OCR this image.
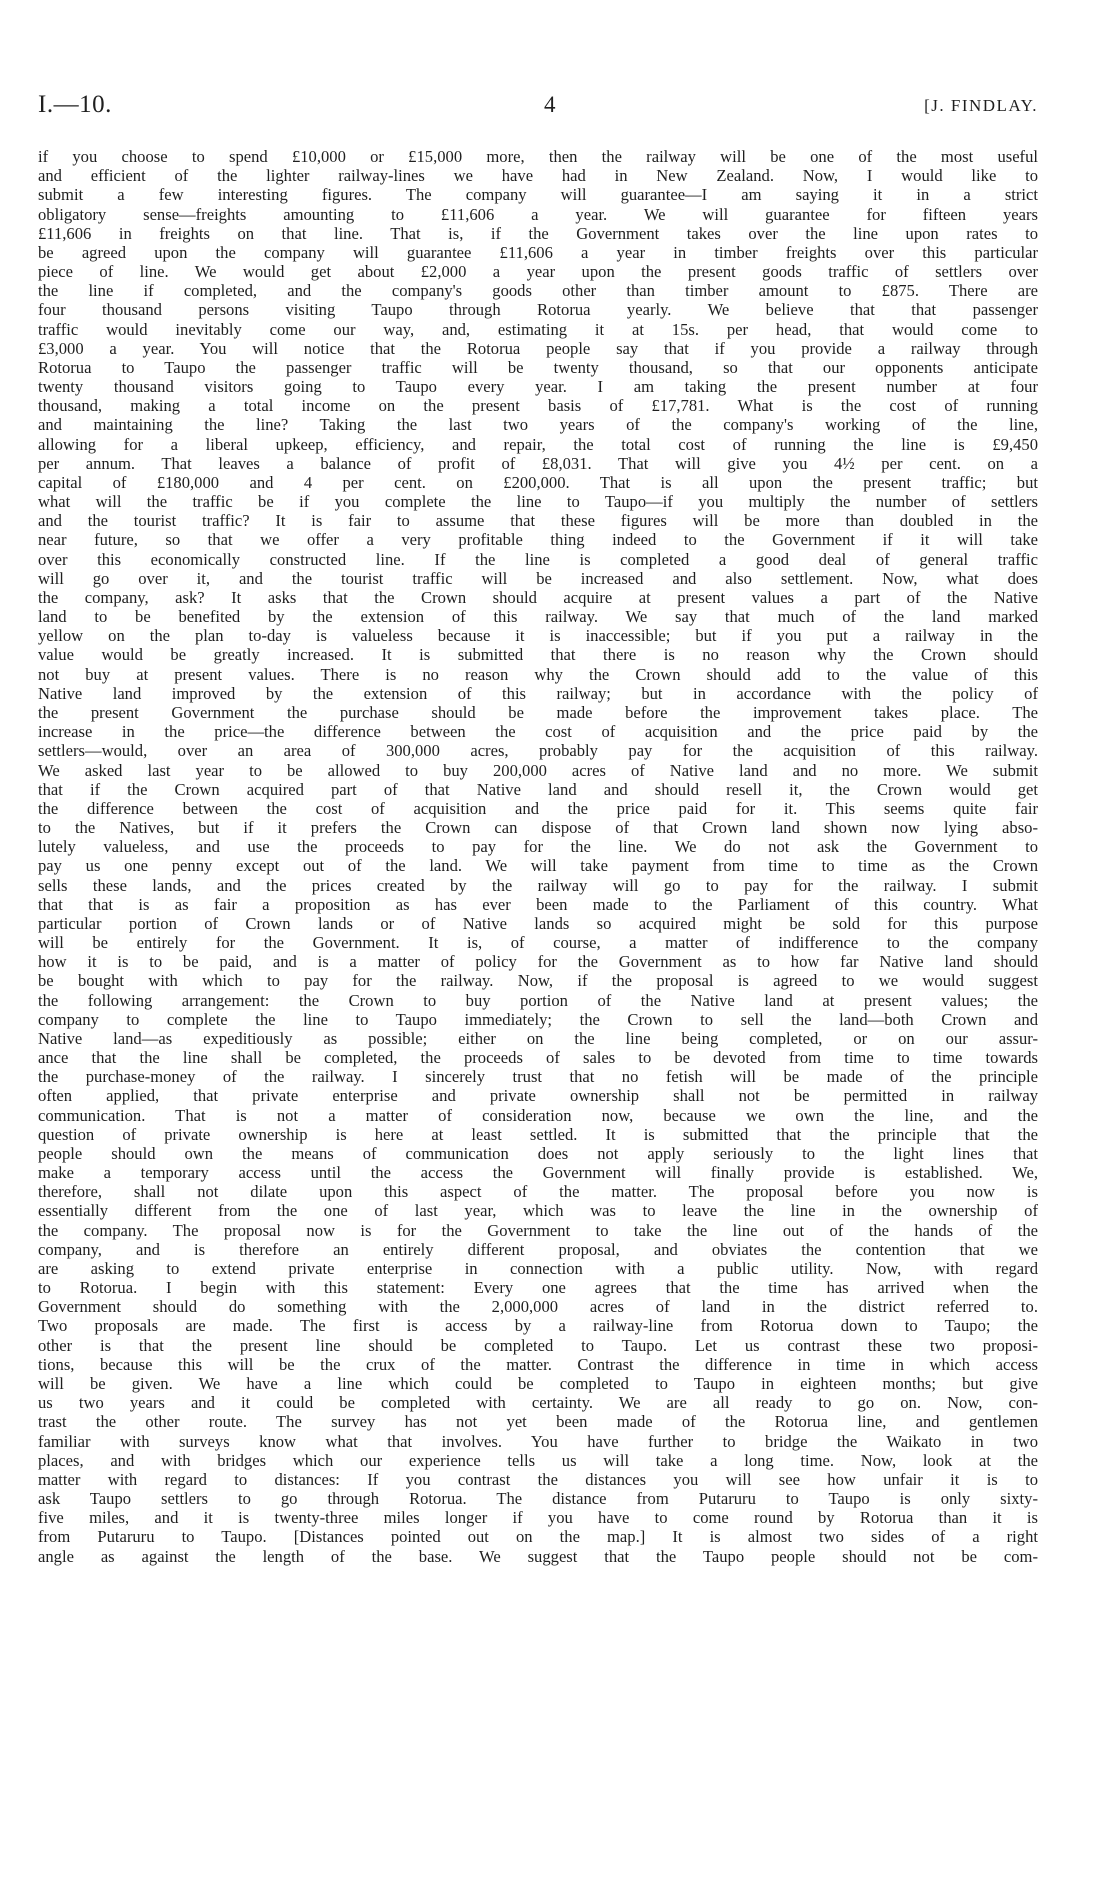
I.—10.	4	[J. FINDLAY.
if you choose to spend £10,000 or £15,000 more, then the railway will be one of the most useful
and efficient of the lighter railway-lines we have had in New Zealand. Now, I would like to
submit a few interesting figures. The company will guarantee—I am saying it in a strict
obligatory sense—freights amounting to £11,606 a year. We will guarantee for fifteen years
£11,606 in freights on that line. That is, if the Government takes over the line upon rates to
be agreed upon the company will guarantee £11,606 a year in timber freights over this particular
piece of line. We would get about £2,000 a year upon the present goods traffic of settlers over
the line if completed, and the company's goods other than timber amount to £875. There are
four thousand persons visiting Taupo through Rotorua yearly. We believe that that passenger
traffic would inevitably come our way, and, estimating it at 15s. per head, that would come to
£3,000 a year. You will notice that the Rotorua people say that if you provide a railway through
Rotorua to Taupo the passenger traffic will be twenty thousand, so that our opponents anticipate
twenty thousand visitors going to Taupo every year. I am taking the present number at four
thousand, making a total income on the present basis of £17,781. What is the cost of running
and maintaining the line? Taking the last two years of the company's working of the line,
allowing for a liberal upkeep, efficiency, and repair, the total cost of running the line is £9,450
per annum. That leaves a balance of profit of £8,031. That will give you 4½ per cent. on a
capital of £180,000 and 4 per cent. on £200,000. That is all upon the present traffic; but
what will the traffic be if you complete the line to Taupo—if you multiply the number of settlers
and the tourist traffic? It is fair to assume that these figures will be more than doubled in the
near future, so that we offer a very profitable thing indeed to the Government if it will take
over this economically constructed line. If the line is completed a good deal of general traffic
will go over it, and the tourist traffic will be increased and also settlement. Now, what does
the company, ask? It asks that the Crown should acquire at present values a part of the Native
land to be benefited by the extension of this railway. We say that much of the land marked
yellow on the plan to-day is valueless because it is inaccessible; but if you put a railway in the
value would be greatly increased. It is submitted that there is no reason why the Crown should
not buy at present values. There is no reason why the Crown should add to the value of this
Native land improved by the extension of this railway; but in accordance with the policy of
the present Government the purchase should be made before the improvement takes place. The
increase in the price—the difference between the cost of acquisition and the price paid by the
settlers—would, over an area of 300,000 acres, probably pay for the acquisition of this railway.
We asked last year to be allowed to buy 200,000 acres of Native land and no more. We submit
that if the Crown acquired part of that Native land and should resell it, the Crown would get
the difference between the cost of acquisition and the price paid for it. This seems quite fair
to the Natives, but if it prefers the Crown can dispose of that Crown land shown now lying abso-
lutely valueless, and use the proceeds to pay for the line. We do not ask the Government to
pay us one penny except out of the land. We will take payment from time to time as the Crown
sells these lands, and the prices created by the railway will go to pay for the railway. I submit
that that is as fair a proposition as has ever been made to the Parliament of this country. What
particular portion of Crown lands or of Native lands so acquired might be sold for this purpose
will be entirely for the Government. It is, of course, a matter of indifference to the company
how it is to be paid, and is a matter of policy for the Government as to how far Native land should
be bought with which to pay for the railway. Now, if the proposal is agreed to we would suggest
the following arrangement: the Crown to buy portion of the Native land at present values; the
company to complete the line to Taupo immediately; the Crown to sell the land—both Crown and
Native land—as expeditiously as possible; either on the line being completed, or on our assur-
ance that the line shall be completed, the proceeds of sales to be devoted from time to time towards
the purchase-money of the railway. I sincerely trust that no fetish will be made of the principle
often applied, that private enterprise and private ownership shall not be permitted in railway
communication. That is not a matter of consideration now, because we own the line, and the
question of private ownership is here at least settled. It is submitted that the principle that the
people should own the means of communication does not apply seriously to the light lines that
make a temporary access until the access the Government will finally provide is established. We,
therefore, shall not dilate upon this aspect of the matter. The proposal before you now is
essentially different from the one of last year, which was to leave the line in the ownership of
the company. The proposal now is for the Government to take the line out of the hands of the
company, and is therefore an entirely different proposal, and obviates the contention that we
are asking to extend private enterprise in connection with a public utility. Now, with regard
to Rotorua. I begin with this statement: Every one agrees that the time has arrived when the
Government should do something with the 2,000,000 acres of land in the district referred to.
Two proposals are made. The first is access by a railway-line from Rotorua down to Taupo; the
other is that the present line should be completed to Taupo. Let us contrast these two proposi-
tions, because this will be the crux of the matter. Contrast the difference in time in which access
will be given. We have a line which could be completed to Taupo in eighteen months; but give
us two years and it could be completed with certainty. We are all ready to go on. Now, con-
trast the other route. The survey has not yet been made of the Rotorua line, and gentlemen
familiar with surveys know what that involves. You have further to bridge the Waikato in two
places, and with bridges which our experience tells us will take a long time. Now, look at the
matter with regard to distances: If you contrast the distances you will see how unfair it is to
ask Taupo settlers to go through Rotorua. The distance from Putaruru to Taupo is only sixty-
five miles, and it is twenty-three miles longer if you have to come round by Rotorua than it is
from Putaruru to Taupo. [Distances pointed out on the map.] It is almost two sides of a right
angle as against the length of the base. We suggest that the Taupo people should not be com-
